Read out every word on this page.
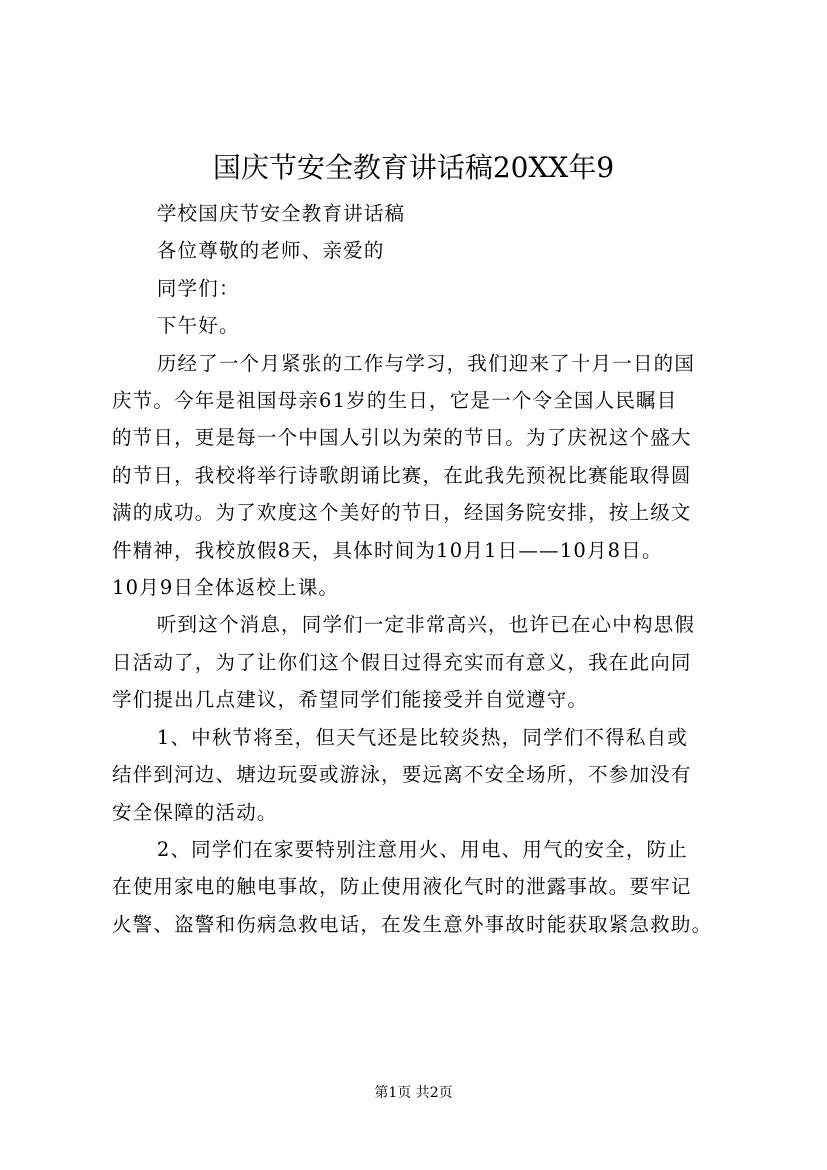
国庆节安全教育讲话稿20XX年9
学校国庆节安全教育讲话稿
各位尊敬的老师、亲爱的
同学们：
下午好。
历经了一个月紧张的工作与学习，我们迎来了十月一日的国
庆节。今年是祖国母亲61岁的生日，它是一个令全国人民瞩目
的节日，更是每一个中国人引以为荣的节日。为了庆祝这个盛大
的节日，我校将举行诗歌朗诵比赛，在此我先预祝比赛能取得圆
满的成功。为了欢度这个美好的节日，经国务院安排，按上级文
件精神，我校放假8天，具体时间为10月1日——10月8日。
10月9日全体返校上课。
听到这个消息，同学们一定非常高兴，也许已在心中构思假
日活动了，为了让你们这个假日过得充实而有意义，我在此向同
学们提出几点建议，希望同学们能接受并自觉遵守。
1、中秋节将至，但天气还是比较炎热，同学们不得私自或
结伴到河边、塘边玩耍或游泳，要远离不安全场所，不参加没有
安全保障的活动。
2、同学们在家要特别注意用火、用电、用气的安全，防止
在使用家电的触电事故，防止使用液化气时的泄露事故。要牢记
火警、盗警和伤病急救电话，在发生意外事故时能获取紧急救助。
第1页 共2页
